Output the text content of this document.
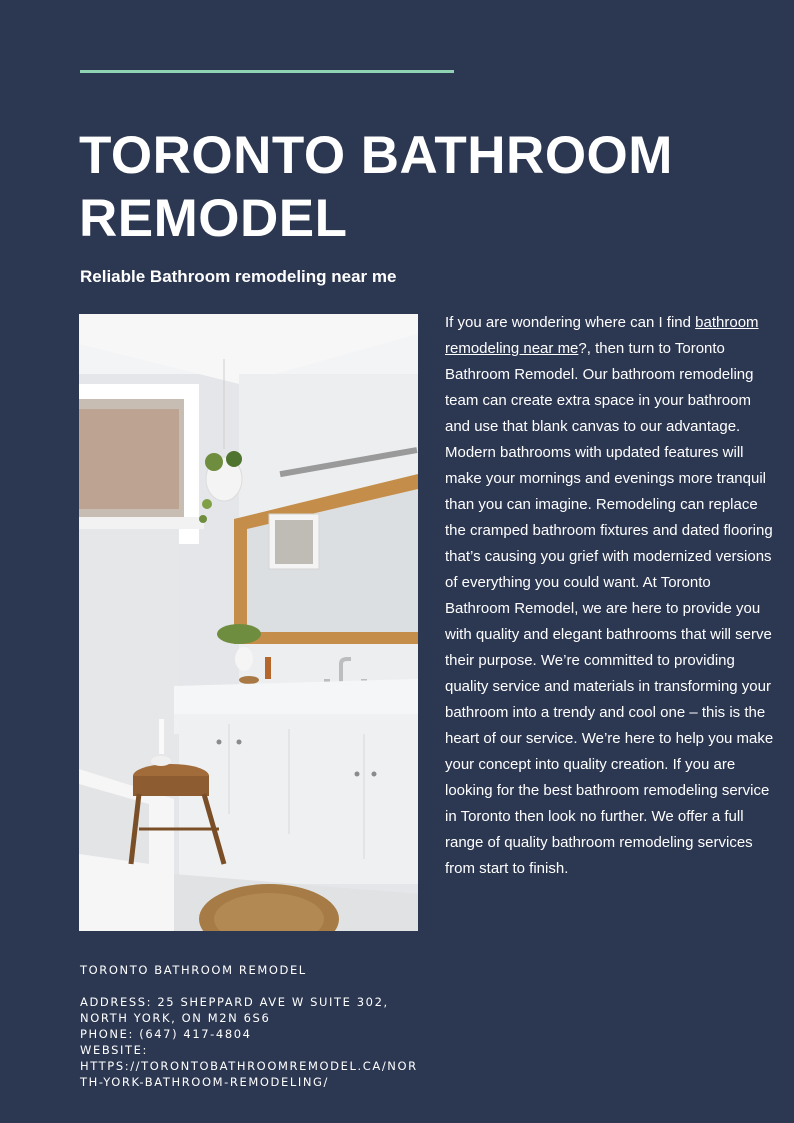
TORONTO BATHROOM REMODEL

Reliable Bathroom remodeling near me

If you are wondering where can I find bathroom remodeling near me?, then turn to Toronto Bathroom Remodel. Our bathroom remodeling team can create extra space in your bathroom and use that blank canvas to our advantage. Modern bathrooms with updated features will make your mornings and evenings more tranquil than you can imagine. Remodeling can replace the cramped bathroom fixtures and dated flooring that’s causing you grief with modernized versions of everything you could want. At Toronto Bathroom Remodel, we are here to provide you with quality and elegant bathrooms that will serve their purpose. We’re committed to providing quality service and materials in transforming your bathroom into a trendy and cool one – this is the heart of our service. We’re here to help you make your concept into quality creation. If you are looking for the best bathroom remodeling service in Toronto then look no further. We offer a full range of quality bathroom remodeling services from start to finish.

TORONTO BATHROOM REMODEL
ADDRESS: 25 SHEPPARD AVE W SUITE 302,
NORTH YORK, ON M2N 6S6
PHONE: (647) 417-4804
WEBSITE:
HTTPS://TORONTOBATHROOMREMODEL.CA/NORTH-YORK-BATHROOM-REMODELING/
